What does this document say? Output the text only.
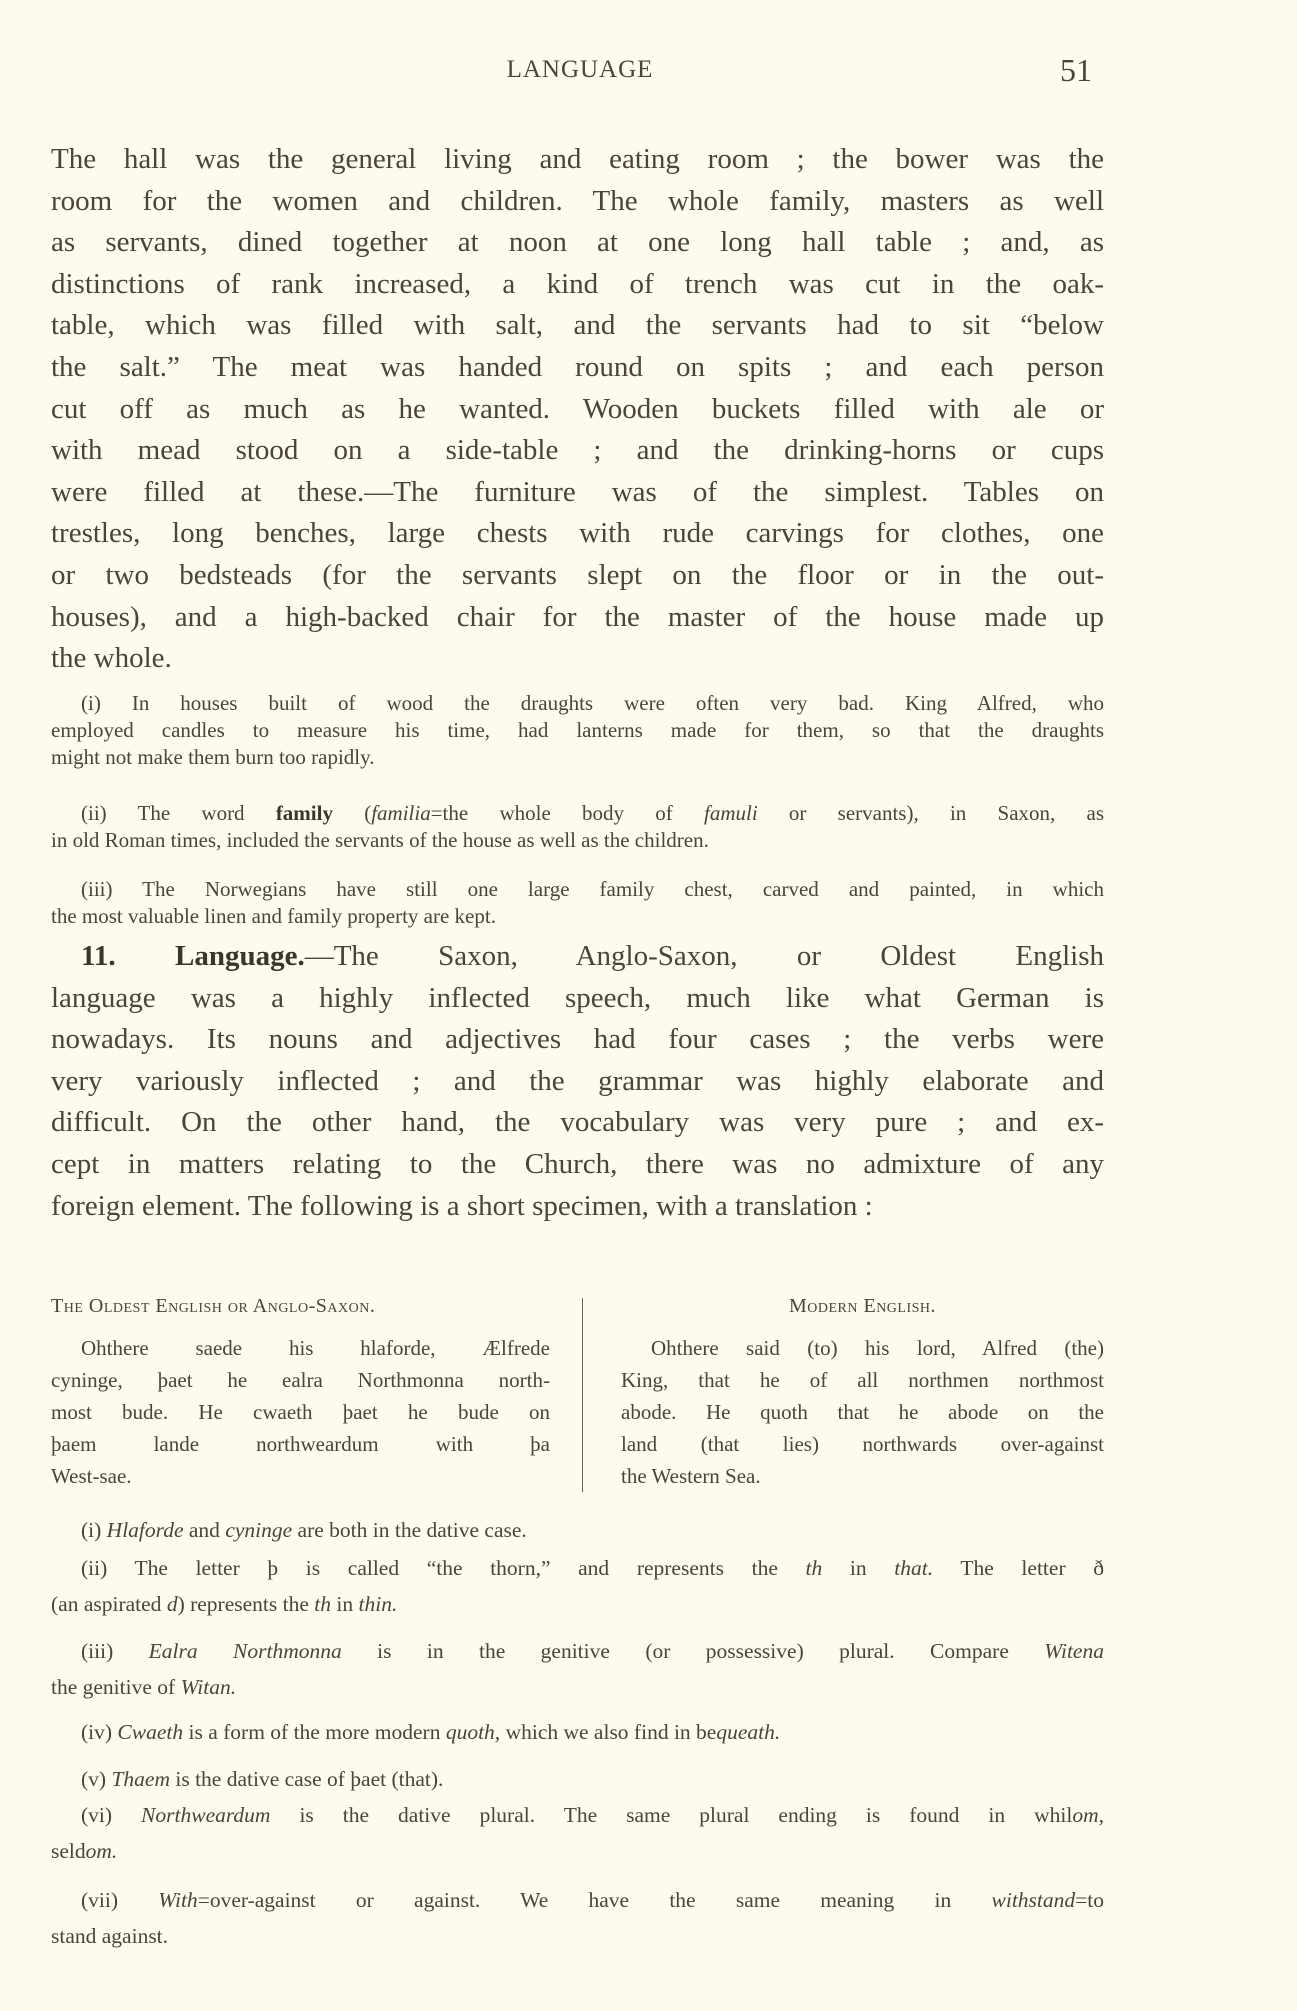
LANGUAGE	51
The hall was the general living and eating room ; the bower was the
room for the women and children. The whole family, masters as well
as servants, dined together at noon at one long hall table ; and, as
distinctions of rank increased, a kind of trench was cut in the oak-
table, which was filled with salt, and the servants had to sit “below
the salt.” The meat was handed round on spits ; and each person
cut off as much as he wanted. Wooden buckets filled with ale or
with mead stood on a side-table ; and the drinking-horns or cups
were filled at these.—The furniture was of the simplest. Tables on
trestles, long benches, large chests with rude carvings for clothes, one
or two bedsteads (for the servants slept on the floor or in the out-
houses), and a high-backed chair for the master of the house made up
the whole.
(i) In houses built of wood the draughts were often very bad. King Alfred, who
employed candles to measure his time, had lanterns made for them, so that the draughts
might not make them burn too rapidly.
(ii) The word family (familia=the whole body of famuli or servants), in Saxon, as
in old Roman times, included the servants of the house as well as the children.
(iii) The Norwegians have still one large family chest, carved and painted, in which
the most valuable linen and family property are kept.
11. Language.—The Saxon, Anglo-Saxon, or Oldest English
language was a highly inflected speech, much like what German is
nowadays. Its nouns and adjectives had four cases ; the verbs were
very variously inflected ; and the grammar was highly elaborate and
difficult. On the other hand, the vocabulary was very pure ; and ex-
cept in matters relating to the Church, there was no admixture of any
foreign element. The following is a short specimen, with a translation :
The Oldest English or Anglo-Saxon.	Modern English.
Ohthere saede his hlaforde, Ælfrede
cyninge, þaet he ealra Northmonna north-
most bude. He cwaeth þaet he bude on
þaem lande northweardum with þa
West-sae.
Ohthere said (to) his lord, Alfred (the)
King, that he of all northmen northmost
abode. He quoth that he abode on the
land (that lies) northwards over-against
the Western Sea.
(i) Hlaforde and cyninge are both in the dative case.
(ii) The letter þ is called “the thorn,” and represents the th in that. The letter ð
(an aspirated d) represents the th in thin.
(iii) Ealra Northmonna is in the genitive (or possessive) plural. Compare Witena
the genitive of Witan.
(iv) Cwaeth is a form of the more modern quoth, which we also find in bequeath.
(v) Thaem is the dative case of þaet (that).
(vi) Northweardum is the dative plural. The same plural ending is found in whilom,
seldom.
(vii) With=over-against or against. We have the same meaning in withstand=to
stand against.
